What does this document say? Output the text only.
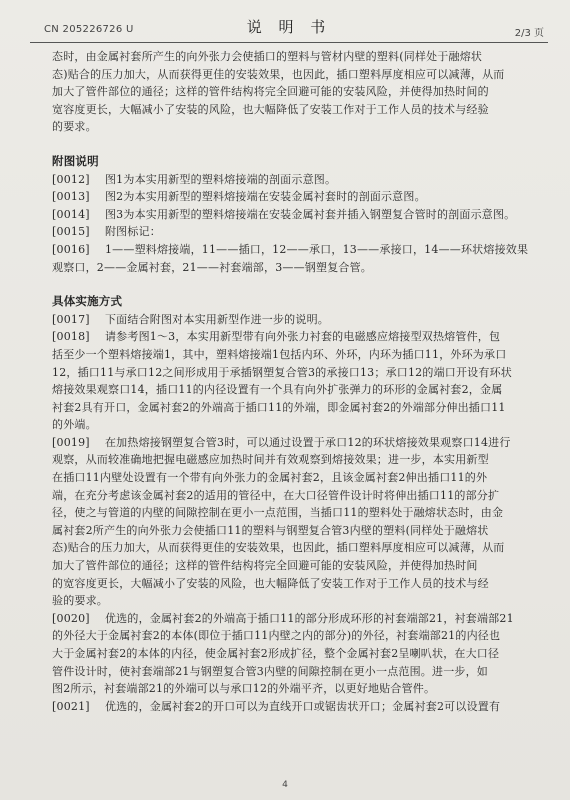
CN 205226726 U	说 明 书	2/3 页
态时，由金属衬套所产生的向外张力会使插口的塑料与管材内壁的塑料(同样处于融熔状
态)贴合的压力加大，从而获得更佳的安装效果，也因此，插口塑料厚度相应可以减薄，从而
加大了管件部位的通径；这样的管件结构将完全回避可能的安装风险，并使得加热时间的
宽容度更长，大幅减小了安装的风险，也大幅降低了安装工作对于工作人员的技术与经验
的要求。

附图说明

[0012]　 图1为本实用新型的塑料熔接端的剖面示意图。
[0013]　 图2为本实用新型的塑料熔接端在安装金属衬套时的剖面示意图。
[0014]　 图3为本实用新型的塑料熔接端在安装金属衬套并插入钢塑复合管时的剖面示意图。
[0015]　 附图标记：
[0016]　 1——塑料熔接端，11——插口，12——承口，13——承接口，14——环状熔接效果
观察口，2——金属衬套，21——衬套端部，3——钢塑复合管。

具体实施方式

[0017]　 下面结合附图对本实用新型作进一步的说明。
[0018]　 请参考图1～3，本实用新型带有向外张力衬套的电磁感应熔接型双热熔管件，包
括至少一个塑料熔接端1，其中，塑料熔接端1包括内环、外环，内环为插口11，外环为承口
12，插口11与承口12之间形成用于承插钢塑复合管3的承接口13；承口12的端口开设有环状
熔接效果观察口14，插口11的内径设置有一个具有向外扩张弹力的环形的金属衬套2，金属
衬套2具有开口，金属衬套2的外端高于插口11的外端，即金属衬套2的外端部分伸出插口11
的外端。
[0019]　 在加热熔接钢塑复合管3时，可以通过设置于承口12的环状熔接效果观察口14进行
观察，从而较准确地把握电磁感应加热时间并有效观察到熔接效果；进一步，本实用新型
在插口11内壁处设置有一个带有向外张力的金属衬套2，且该金属衬套2伸出插口11的外
端，在充分考虑该金属衬套2的适用的管径中，在大口径管件设计时将伸出插口11的部分扩
径，使之与管道的内壁的间隙控制在更小一点范围，当插口11的塑料处于融熔状态时，由金
属衬套2所产生的向外张力会使插口11的塑料与钢塑复合管3内壁的塑料(同样处于融熔状
态)贴合的压力加大，从而获得更佳的安装效果，也因此，插口塑料厚度相应可以减薄，从而
加大了管件部位的通径；这样的管件结构将完全回避可能的安装风险，并使得加热时间
的宽容度更长，大幅减小了安装的风险，也大幅降低了安装工作对于工作人员的技术与经
验的要求。
[0020]　 优选的，金属衬套2的外端高于插口11的部分形成环形的衬套端部21，衬套端部21
的外径大于金属衬套2的本体(即位于插口11内壁之内的部分)的外径，衬套端部21的内径也
大于金属衬套2的本体的内径，使金属衬套2形成扩径，整个金属衬套2呈喇叭状，在大口径
管件设计时，使衬套端部21与钢塑复合管3内壁的间隙控制在更小一点范围。进一步，如
图2所示，衬套端部21的外端可以与承口12的外端平齐，以更好地贴合管件。
[0021]　 优选的，金属衬套2的开口可以为直线开口或锯齿状开口；金属衬套2可以设置有
4
